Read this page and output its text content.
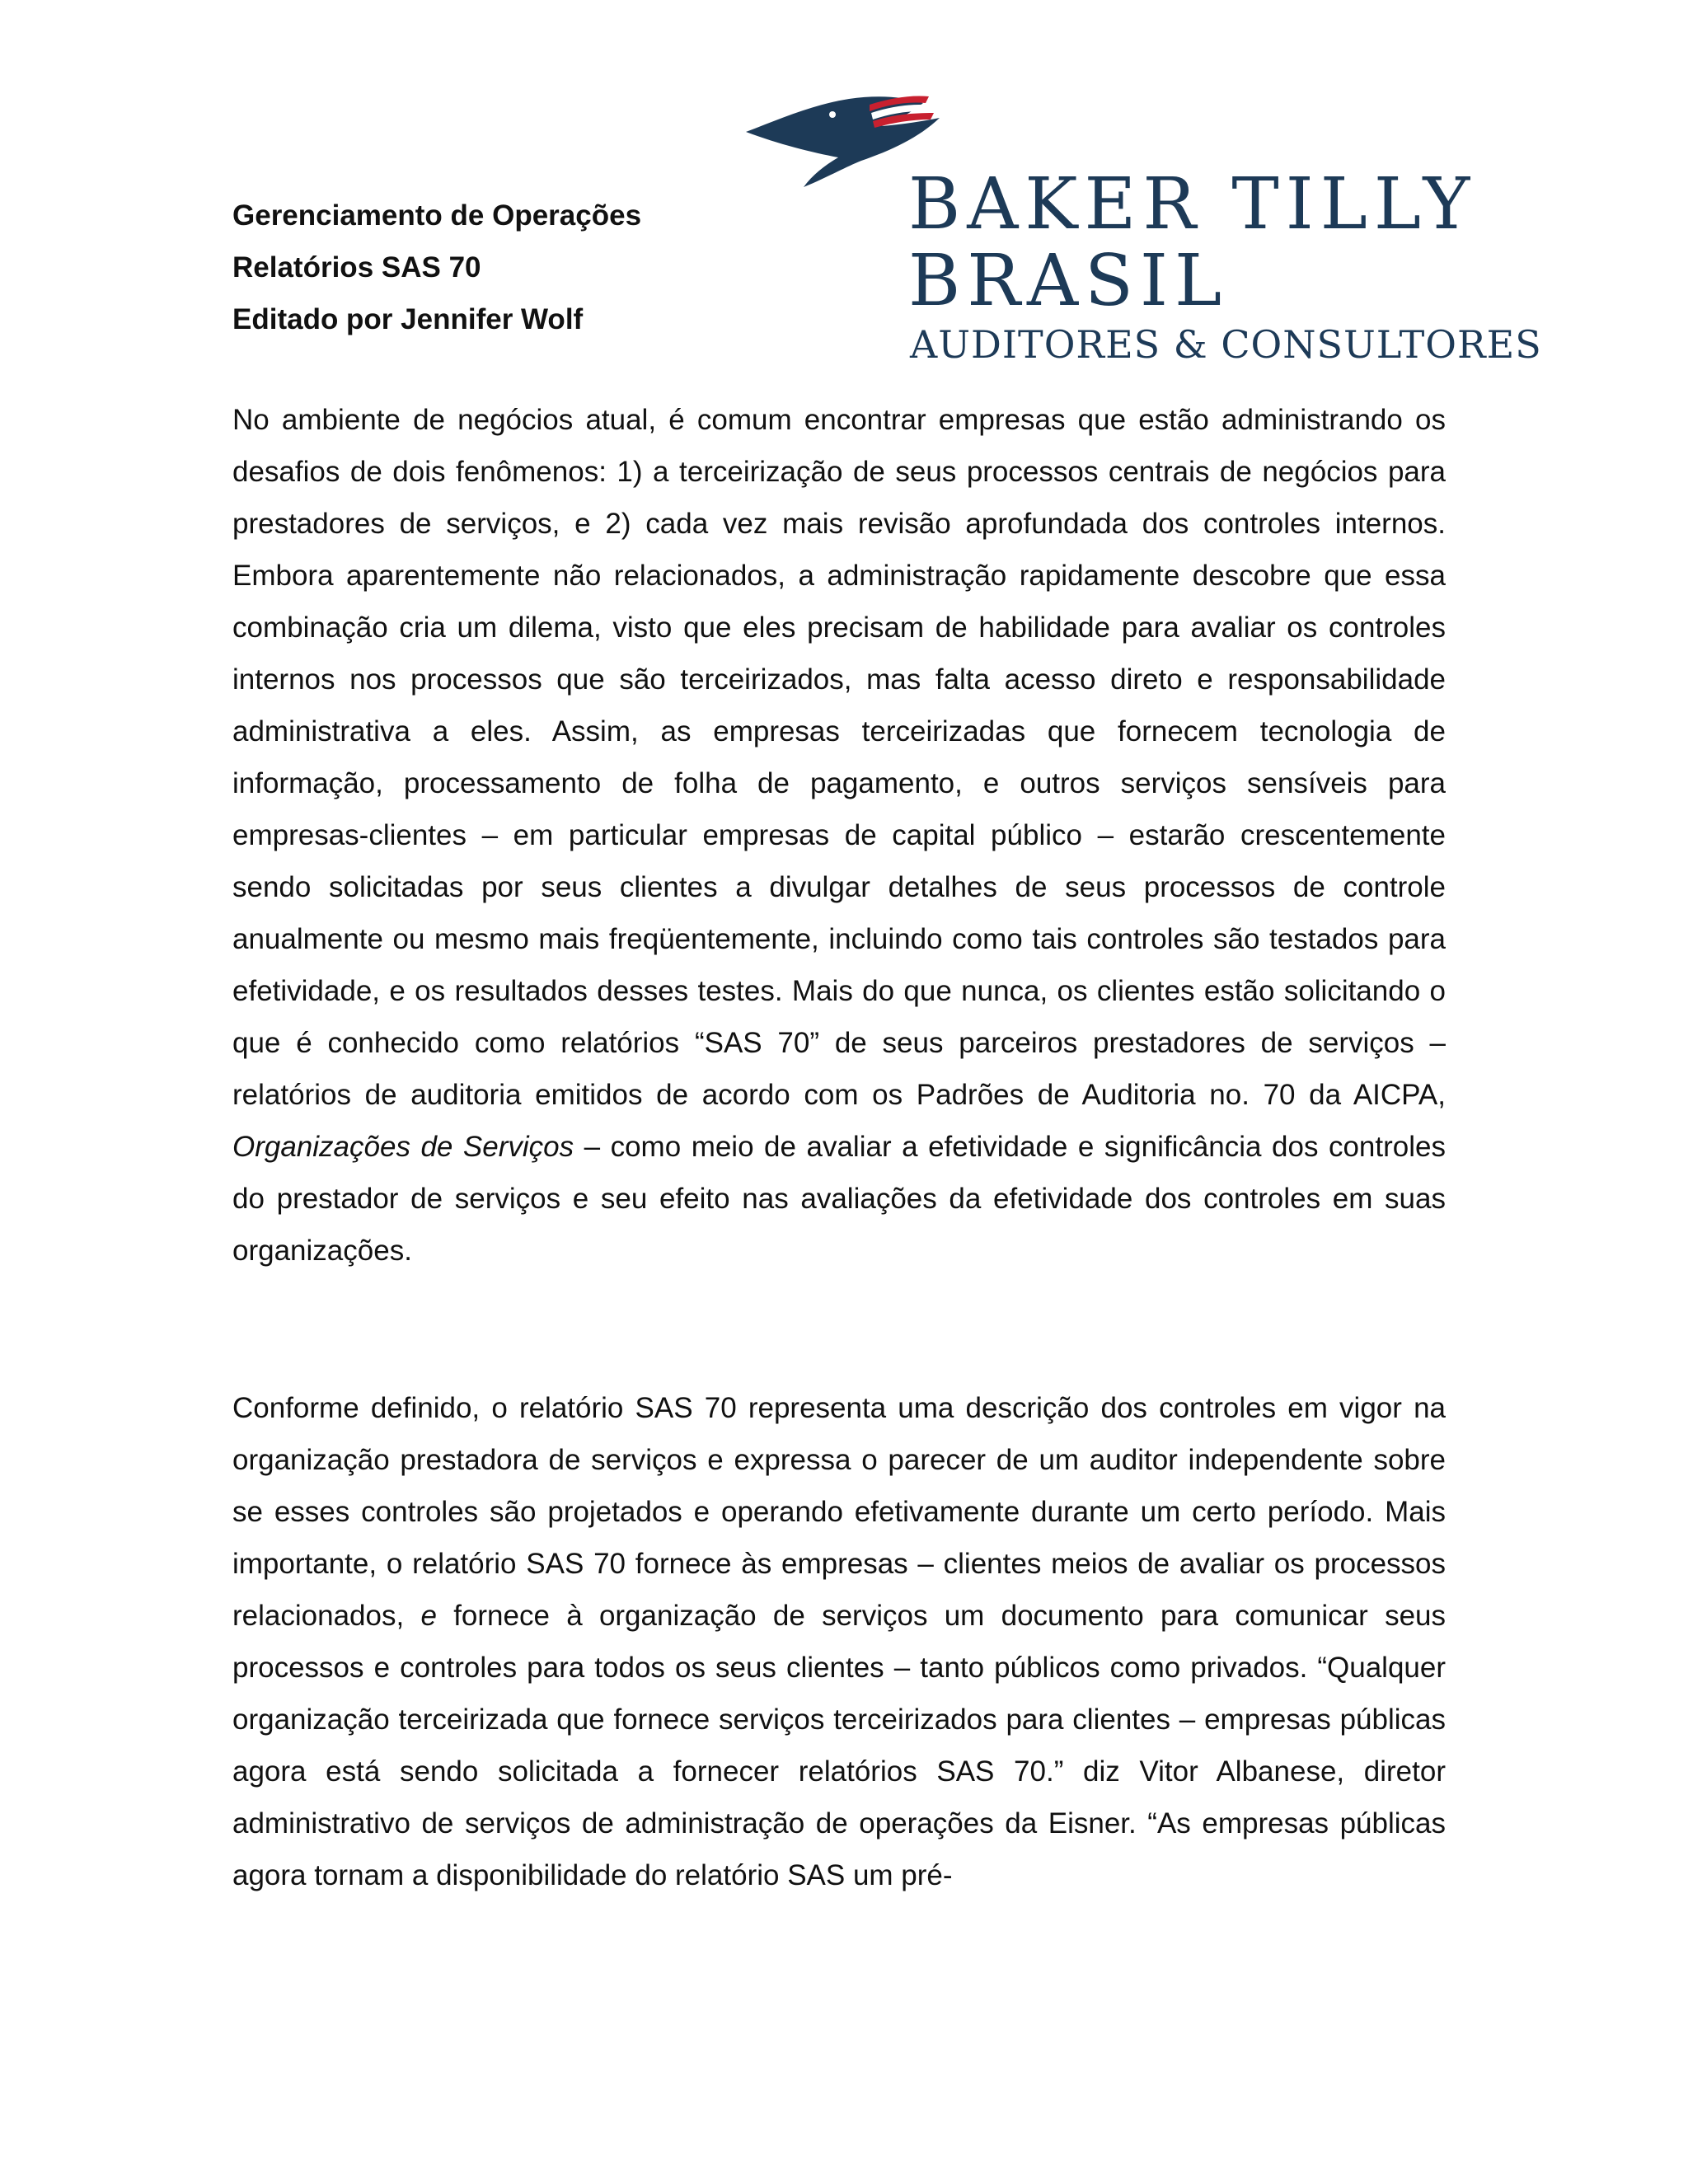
Gerenciamento de Operações
Relatórios SAS 70
Editado por Jennifer Wolf
BAKER TILLY
BRASIL
AUDITORES & CONSULTORES

No ambiente de negócios atual, é comum encontrar empresas que estão administrando os desafios de dois fenômenos: 1) a terceirização de seus processos centrais de negócios para prestadores de serviços, e 2) cada vez mais revisão aprofundada dos controles internos. Embora aparentemente não relacionados, a administração rapidamente descobre que essa combinação cria um dilema, visto que eles precisam de habilidade para avaliar os controles internos nos processos que são terceirizados, mas falta acesso direto e responsabilidade administrativa a eles. Assim, as empresas terceirizadas que fornecem tecnologia de informação, processamento de folha de pagamento, e outros serviços sensíveis para empresas-clientes – em particular empresas de capital público – estarão crescentemente sendo solicitadas por seus clientes a divulgar detalhes de seus processos de controle anualmente ou mesmo mais freqüentemente, incluindo como tais controles são testados para efetividade, e os resultados desses testes. Mais do que nunca, os clientes estão solicitando o que é conhecido como relatórios “SAS 70” de seus parceiros prestadores de serviços – relatórios de auditoria emitidos de acordo com os Padrões de Auditoria no. 70 da AICPA, Organizações de Serviços – como meio de avaliar a efetividade e significância dos controles do prestador de serviços e seu efeito nas avaliações da efetividade dos controles em suas organizações.

Conforme definido, o relatório SAS 70 representa uma descrição dos controles em vigor na organização prestadora de serviços e expressa o parecer de um auditor independente sobre se esses controles são projetados e operando efetivamente durante um certo período. Mais importante, o relatório SAS 70 fornece às empresas – clientes meios de avaliar os processos relacionados, e fornece à organização de serviços um documento para comunicar seus processos e controles para todos os seus clientes – tanto públicos como privados. “Qualquer organização terceirizada que fornece serviços terceirizados para clientes – empresas públicas agora está sendo solicitada a fornecer relatórios SAS 70.” diz Vitor Albanese, diretor administrativo de serviços de administração de operações da Eisner. “As empresas públicas agora tornam a disponibilidade do relatório SAS um pré-
